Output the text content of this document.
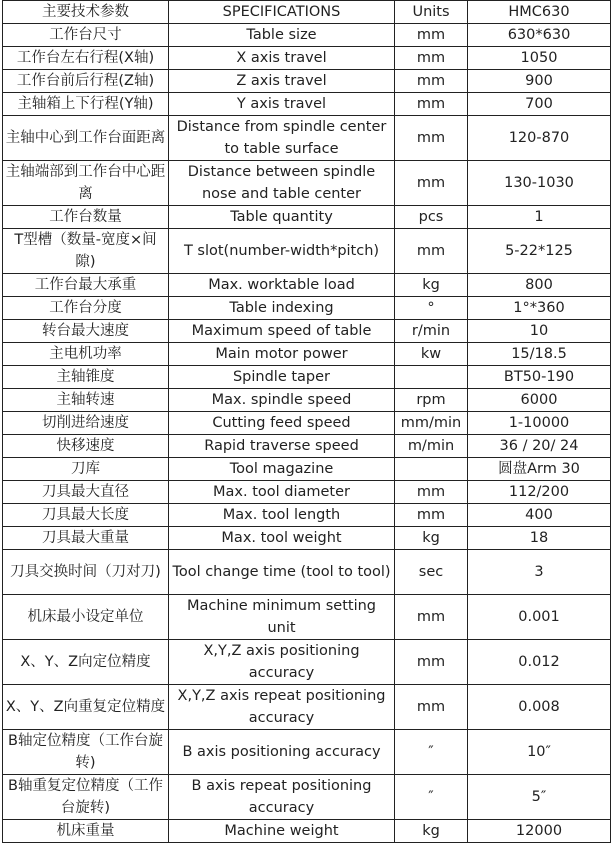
主要技术参数	SPECIFICATIONS	Units	HMC630
工作台尺寸	Table size	mm	630*630
工作台左右行程(X轴)	X axis travel	mm	1050
工作台前后行程(Z轴)	Z axis travel	mm	900
主轴箱上下行程(Y轴)	Y axis travel	mm	700
主轴中心到工作台面距离	Distance from spindle center to table surface	mm	120-870
主轴端部到工作台中心距离	Distance between spindle nose and table center	mm	130-1030
工作台数量	Table quantity	pcs	1
T型槽（数量-宽度×间隙)	T slot(number-width*pitch)	mm	5-22*125
工作台最大承重	Max. worktable load	kg	800
工作台分度	Table indexing	°	1°*360
转台最大速度	Maximum speed of table	r/min	10
主电机功率	Main motor power	kw	15/18.5
主轴锥度	Spindle taper		BT50-190
主轴转速	Max. spindle speed	rpm	6000
切削进给速度	Cutting feed speed	mm/min	1-10000
快移速度	Rapid traverse speed	m/min	36 / 20/ 24
刀库	Tool magazine		圆盘Arm 30
刀具最大直径	Max. tool diameter	mm	112/200
刀具最大长度	Max. tool length	mm	400
刀具最大重量	Max. tool weight	kg	18
刀具交换时间（刀对刀)	Tool change time (tool to tool)	sec	3
机床最小设定单位	Machine minimum setting unit	mm	0.001
X、Y、Z向定位精度	X,Y,Z axis positioning accuracy	mm	0.012
X、Y、Z向重复定位精度	X,Y,Z axis repeat positioning accuracy	mm	0.008
B轴定位精度（工作台旋转)	B axis positioning accuracy	″	10″
B轴重复定位精度（工作台旋转)	B axis repeat positioning accuracy	″	5″
机床重量	Machine weight	kg	12000
